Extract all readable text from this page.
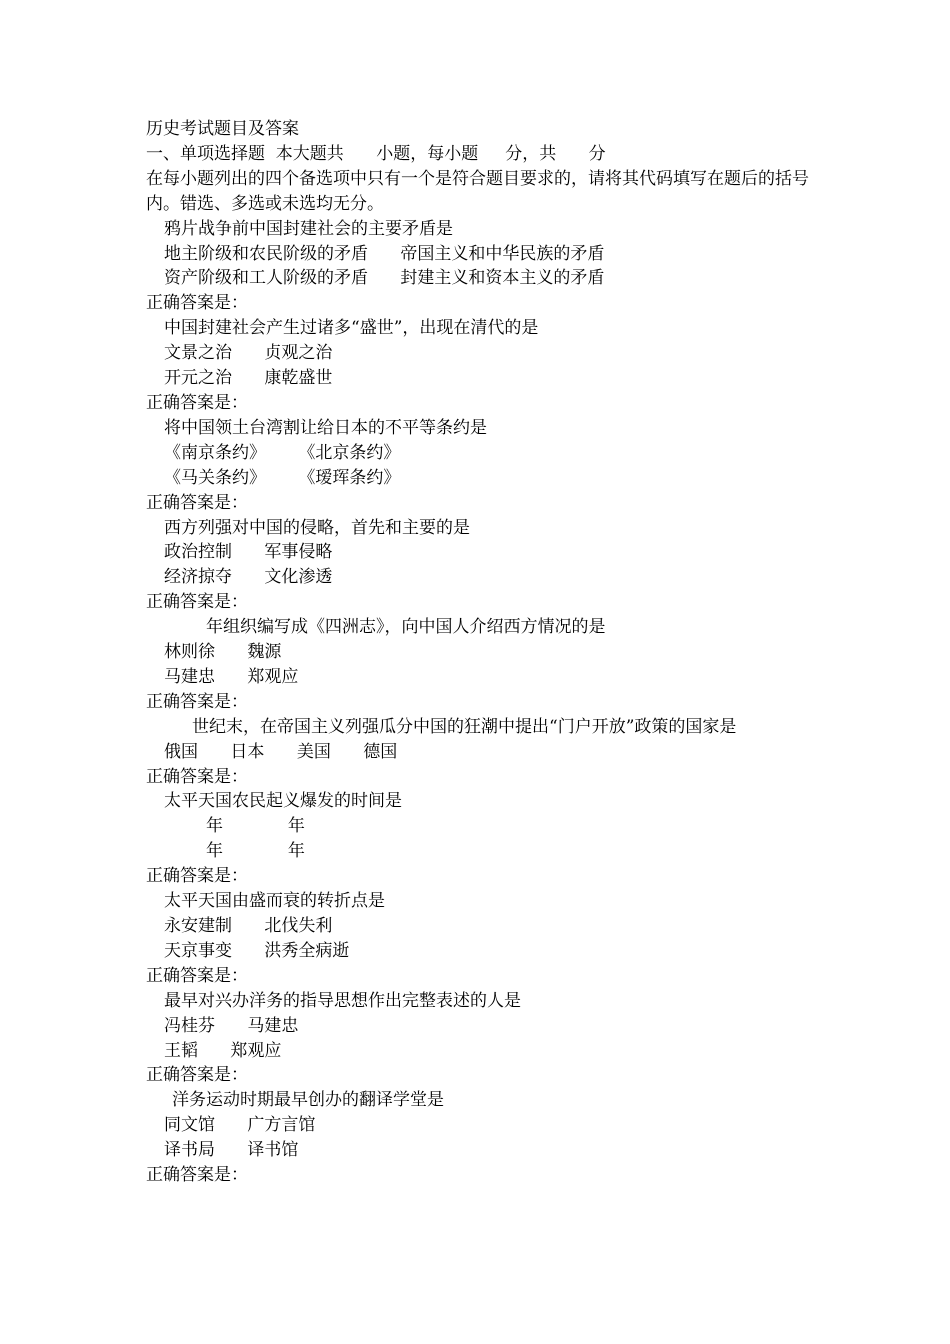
历史考试题目及答案
一、单项选择题  本大题共      小题，每小题     分，共      分
在每小题列出的四个备选项中只有一个是符合题目要求的，请将其代码填写在题后的括号内。错选、多选或未选均无分。
鸦片战争前中国封建社会的主要矛盾是
地主阶级和农民阶级的矛盾      帝国主义和中华民族的矛盾
资产阶级和工人阶级的矛盾      封建主义和资本主义的矛盾
正确答案是：
中国封建社会产生过诸多“盛世”，出现在清代的是
文景之治      贞观之治
开元之治      康乾盛世
正确答案是：
将中国领土台湾割让给日本的不平等条约是
《南京条约》      《北京条约》
《马关条约》      《瑷珲条约》
正确答案是：
西方列强对中国的侵略，首先和主要的是
政治控制      军事侵略
经济掠夺      文化渗透
正确答案是：
年组织编写成《四洲志》，向中国人介绍西方情况的是
林则徐      魏源
马建忠      郑观应
正确答案是：
世纪末，在帝国主义列强瓜分中国的狂潮中提出“门户开放”政策的国家是
俄国      日本      美国      德国
正确答案是：
太平天国农民起义爆发的时间是
年            年
年            年
正确答案是：
太平天国由盛而衰的转折点是
永安建制      北伐失利
天京事变      洪秀全病逝
正确答案是：
最早对兴办洋务的指导思想作出完整表述的人是
冯桂芬      马建忠
王韬      郑观应
正确答案是：
洋务运动时期最早创办的翻译学堂是
同文馆      广方言馆
译书局      译书馆
正确答案是：
